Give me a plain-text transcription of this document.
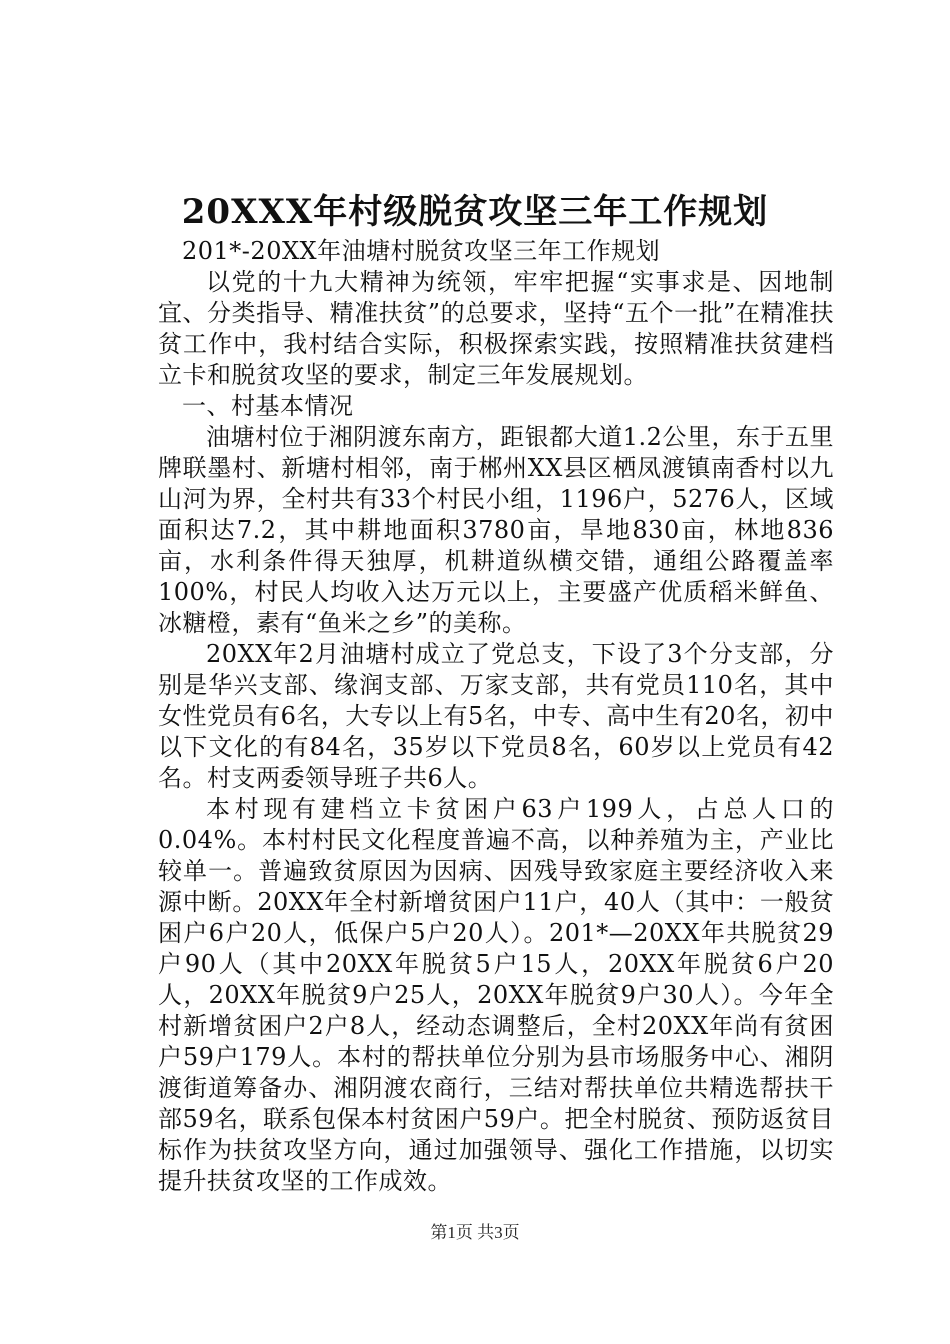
20XXX年村级脱贫攻坚三年工作规划

201*-20XX年油塘村脱贫攻坚三年工作规划

以党的十九大精神为统领，牢牢把握“实事求是、因地制宜、分类指导、精准扶贫”的总要求，坚持“五个一批”在精准扶贫工作中，我村结合实际，积极探索实践，按照精准扶贫建档立卡和脱贫攻坚的要求，制定三年发展规划。

一、村基本情况

油塘村位于湘阴渡东南方，距银都大道1.2公里，东于五里牌联墨村、新塘村相邻，南于郴州XX县区栖凤渡镇南香村以九山河为界，全村共有33个村民小组，1196户，5276人，区域面积达7.2，其中耕地面积3780亩，旱地830亩，林地836亩，水利条件得天独厚，机耕道纵横交错，通组公路覆盖率100%，村民人均收入达万元以上，主要盛产优质稻米鲜鱼、冰糖橙，素有“鱼米之乡”的美称。

20XX年2月油塘村成立了党总支，下设了3个分支部，分别是华兴支部、缘润支部、万家支部，共有党员110名，其中女性党员有6名，大专以上有5名，中专、高中生有20名，初中以下文化的有84名，35岁以下党员8名，60岁以上党员有42名。村支两委领导班子共6人。

本村现有建档立卡贫困户63户199人，占总人口的0.04%。本村村民文化程度普遍不高，以种养殖为主，产业比较单一。普遍致贫原因为因病、因残导致家庭主要经济收入来源中断。20XX年全村新增贫困户11户，40人（其中：一般贫困户6户20人，低保户5户20人）。201*—20XX年共脱贫29户90人（其中20XX年脱贫5户15人，20XX年脱贫6户20人，20XX年脱贫9户25人，20XX年脱贫9户30人）。今年全村新增贫困户2户8人，经动态调整后，全村20XX年尚有贫困户59户179人。本村的帮扶单位分别为县市场服务中心、湘阴渡街道筹备办、湘阴渡农商行，三结对帮扶单位共精选帮扶干部59名，联系包保本村贫困户59户。把全村脱贫、预防返贫目标作为扶贫攻坚方向，通过加强领导、强化工作措施，以切实提升扶贫攻坚的工作成效。

第1页 共3页
